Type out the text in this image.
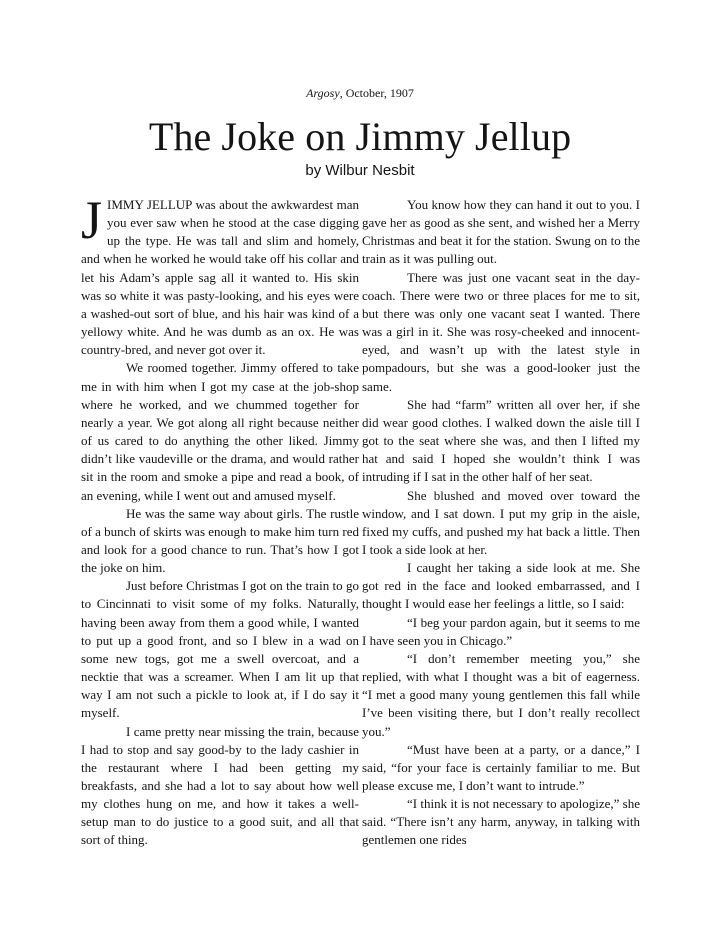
Argosy, October, 1907
The Joke on Jimmy Jellup
by Wilbur Nesbit

JIMMY JELLUP was about the awkwardest man you ever saw when he stood at the case digging up the type. He was tall and slim and homely, and when he worked he would take off his collar and let his Adam’s apple sag all it wanted to. His skin was so white it was pasty-looking, and his eyes were a washed-out sort of blue, and his hair was kind of a yellowy white. And he was dumb as an ox. He was country-bred, and never got over it.

We roomed together. Jimmy offered to take me in with him when I got my case at the job-shop where he worked, and we chummed together for nearly a year. We got along all right because neither of us cared to do anything the other liked. Jimmy didn’t like vaudeville or the drama, and would rather sit in the room and smoke a pipe and read a book, of an evening, while I went out and amused myself.

He was the same way about girls. The rustle of a bunch of skirts was enough to make him turn red and look for a good chance to run. That’s how I got the joke on him.

Just before Christmas I got on the train to go to Cincinnati to visit some of my folks. Naturally, having been away from them a good while, I wanted to put up a good front, and so I blew in a wad on some new togs, got me a swell overcoat, and a necktie that was a screamer. When I am lit up that way I am not such a pickle to look at, if I do say it myself.

I came pretty near missing the train, because I had to stop and say good-by to the lady cashier in the restaurant where I had been getting my breakfasts, and she had a lot to say about how well my clothes hung on me, and how it takes a well-setup man to do justice to a good suit, and all that sort of thing.

You know how they can hand it out to you. I gave her as good as she sent, and wished her a Merry Christmas and beat it for the station. Swung on to the train as it was pulling out.

There was just one vacant seat in the day-coach. There were two or three places for me to sit, but there was only one vacant seat I wanted. There was a girl in it. She was rosy-cheeked and innocent-eyed, and wasn’t up with the latest style in pompadours, but she was a good-looker just the same.

She had “farm” written all over her, if she did wear good clothes. I walked down the aisle till I got to the seat where she was, and then I lifted my hat and said I hoped she wouldn’t think I was intruding if I sat in the other half of her seat.

She blushed and moved over toward the window, and I sat down. I put my grip in the aisle, fixed my cuffs, and pushed my hat back a little. Then I took a side look at her.

I caught her taking a side look at me. She got red in the face and looked embarrassed, and I thought I would ease her feelings a little, so I said:

“I beg your pardon again, but it seems to me I have seen you in Chicago.”

“I don’t remember meeting you,” she replied, with what I thought was a bit of eagerness. “I met a good many young gentlemen this fall while I’ve been visiting there, but I don’t really recollect you.”

“Must have been at a party, or a dance,” I said, “for your face is certainly familiar to me. But please excuse me, I don’t want to intrude.”

“I think it is not necessary to apologize,” she said. “There isn’t any harm, anyway, in talking with gentlemen one rides
